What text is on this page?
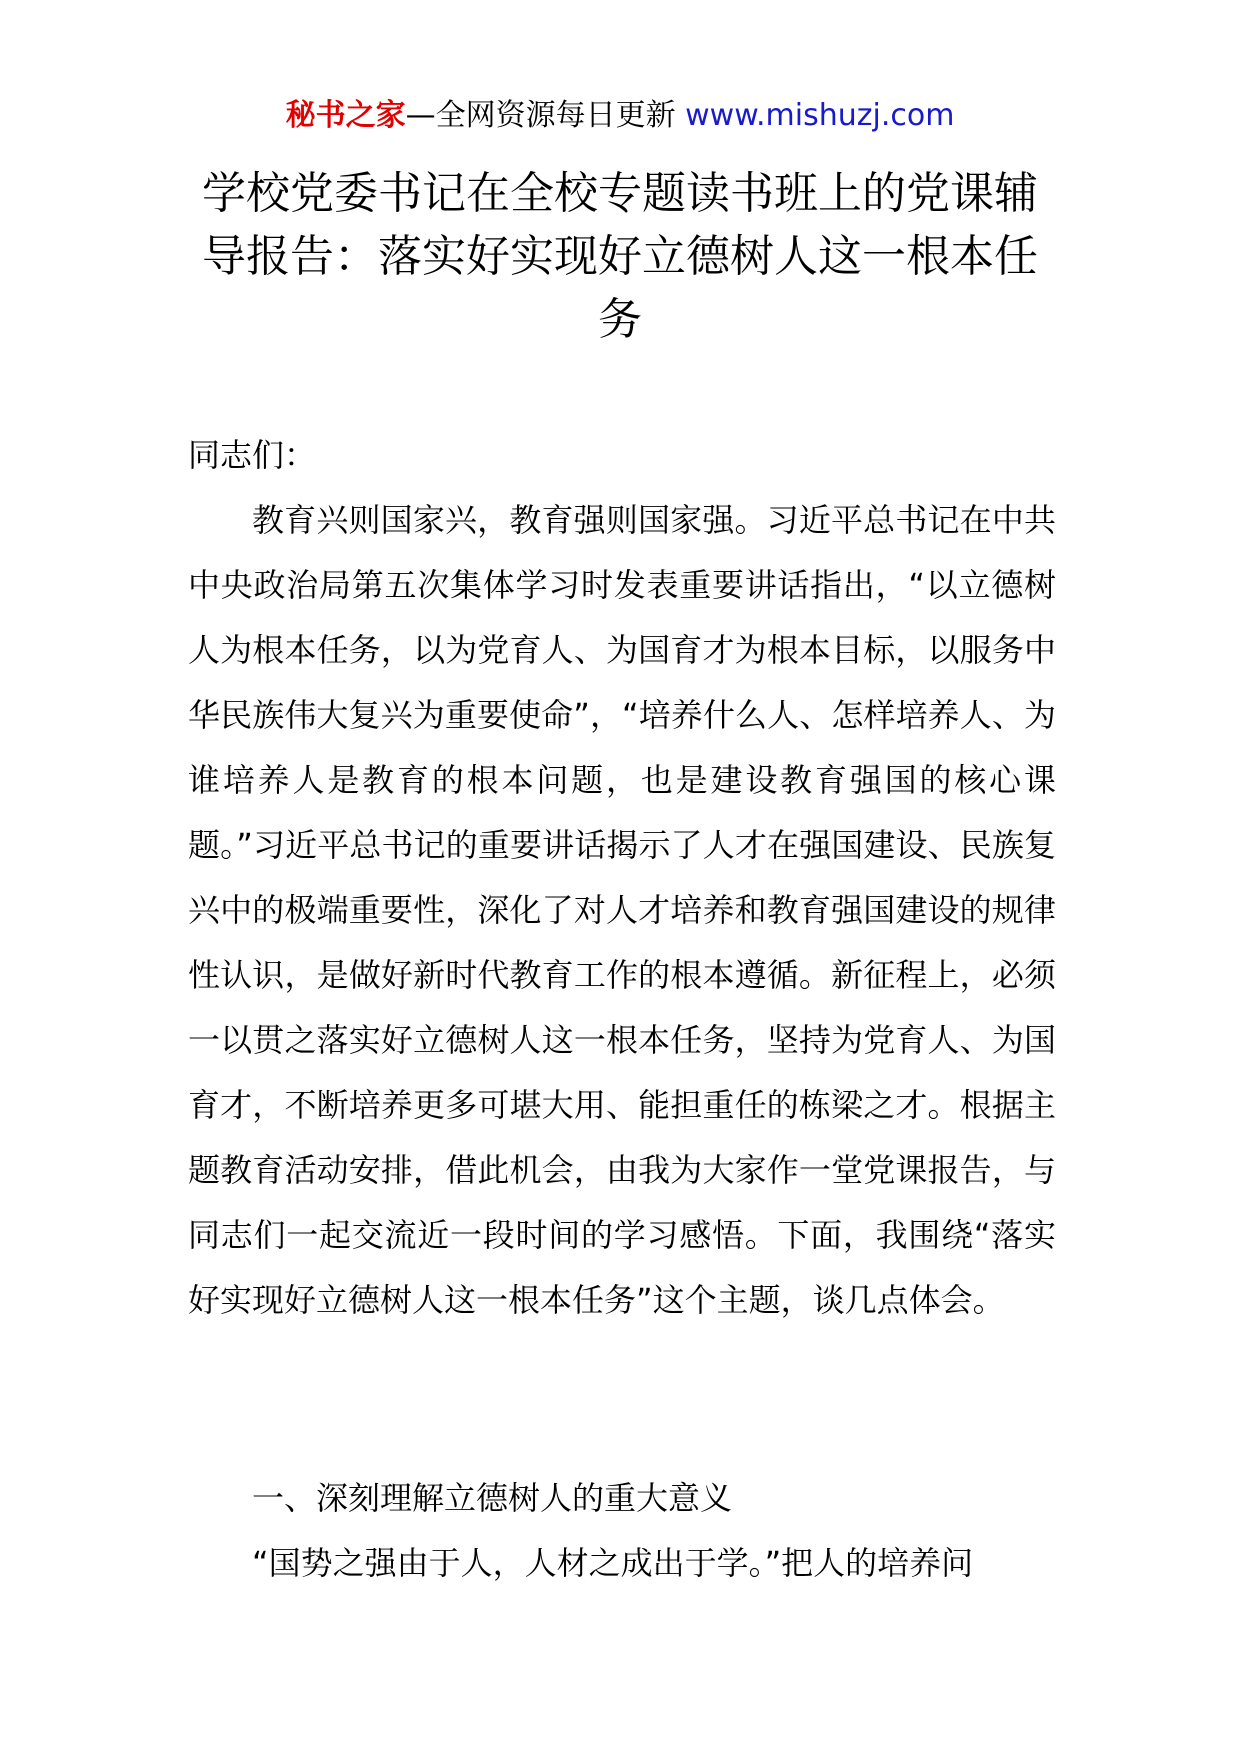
秘书之家—全网资源每日更新 www.mishuzj.com
学校党委书记在全校专题读书班上的党课辅导报告：落实好实现好立德树人这一根本任务

同志们：

教育兴则国家兴，教育强则国家强。习近平总书记在中共中央政治局第五次集体学习时发表重要讲话指出，“以立德树人为根本任务，以为党育人、为国育才为根本目标，以服务中华民族伟大复兴为重要使命”，“培养什么人、怎样培养人、为谁培养人是教育的根本问题，也是建设教育强国的核心课题。”习近平总书记的重要讲话揭示了人才在强国建设、民族复兴中的极端重要性，深化了对人才培养和教育强国建设的规律性认识，是做好新时代教育工作的根本遵循。新征程上，必须一以贯之落实好立德树人这一根本任务，坚持为党育人、为国育才，不断培养更多可堪大用、能担重任的栋梁之才。根据主题教育活动安排，借此机会，由我为大家作一堂党课报告，与同志们一起交流近一段时间的学习感悟。下面，我围绕“落实好实现好立德树人这一根本任务”这个主题，谈几点体会。

一、深刻理解立德树人的重大意义

“国势之强由于人，人材之成出于学。”把人的培养问
